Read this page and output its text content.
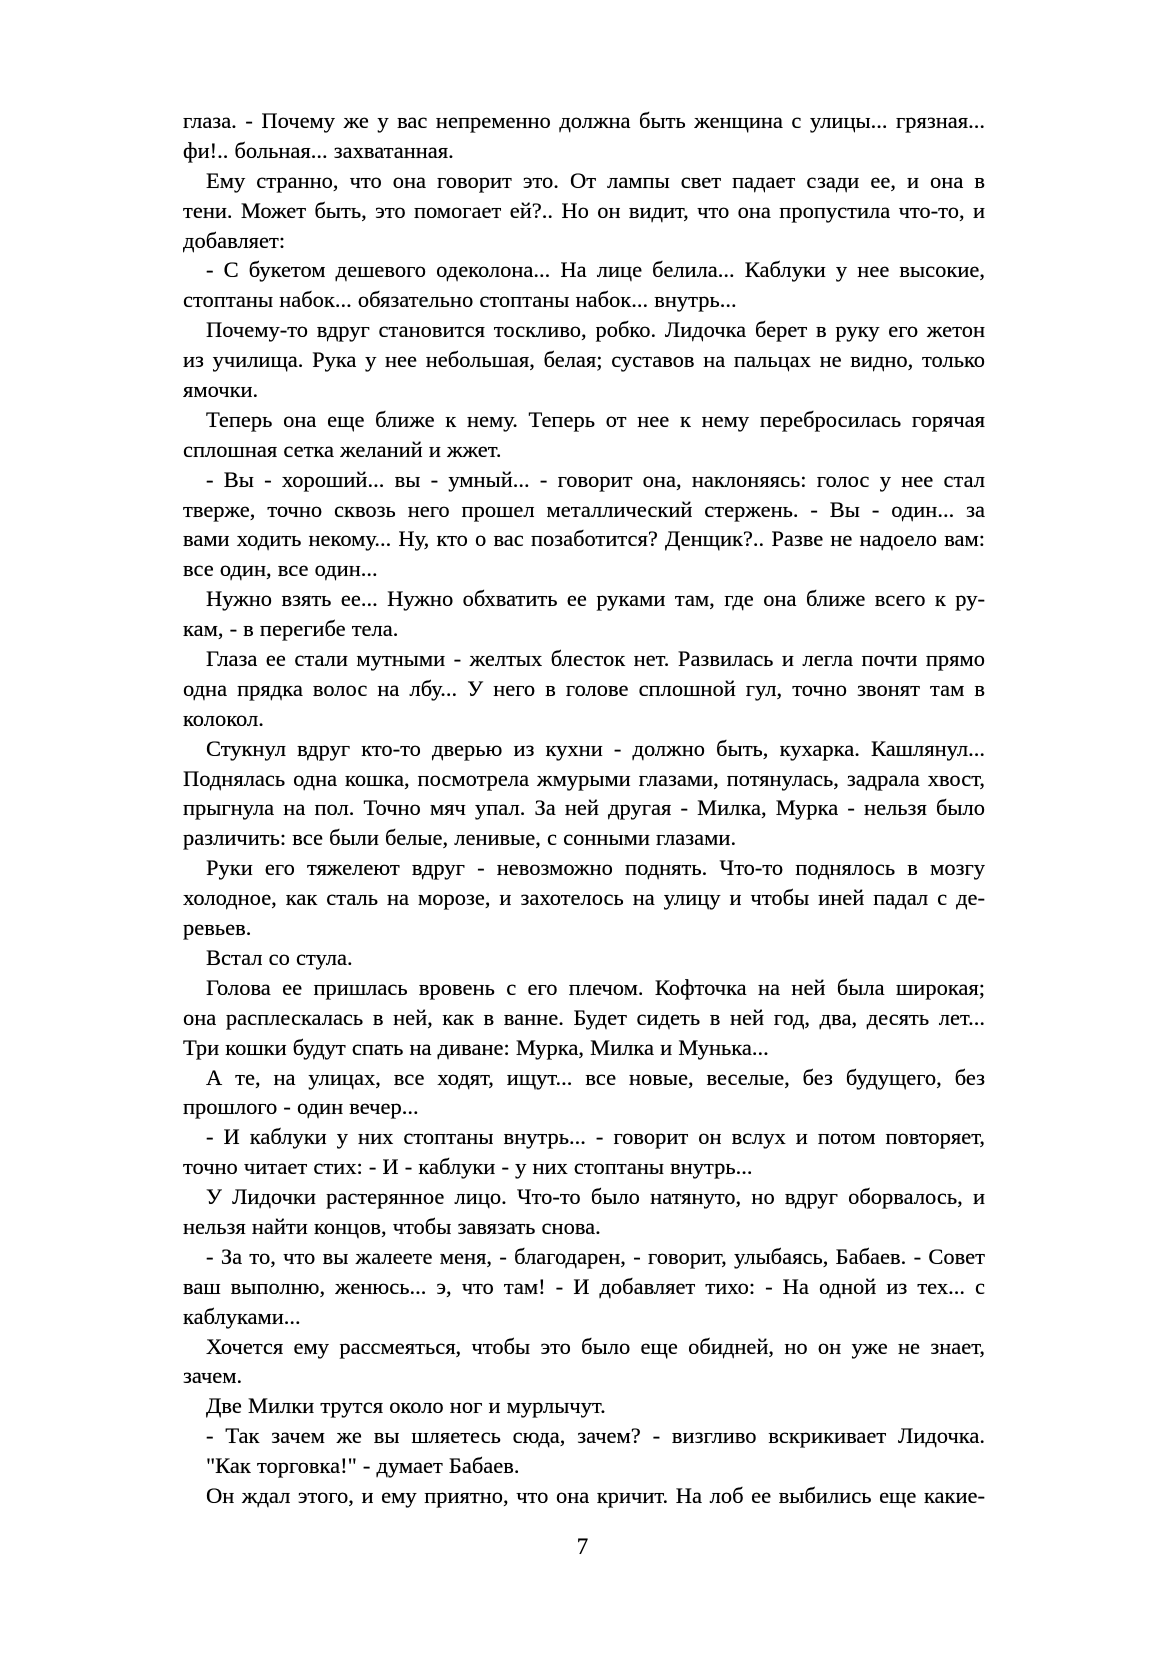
глаза. - Почему же у вас непременно должна быть женщина с улицы... грязная...
фи!.. больная... захватанная.
Ему странно, что она говорит это. От лампы свет падает сзади ее, и она в
тени. Может быть, это помогает ей?.. Но он видит, что она пропустила что-то, и
добавляет:
- С букетом дешевого одеколона... На лице белила... Каблуки у нее высокие,
стоптаны набок... обязательно стоптаны набок... внутрь...
Почему-то вдруг становится тоскливо, робко. Лидочка берет в руку его жетон
из училища. Рука у нее небольшая, белая; суставов на пальцах не видно, только
ямочки.
Теперь она еще ближе к нему. Теперь от нее к нему перебросилась горячая
сплошная сетка желаний и жжет.
- Вы - хороший... вы - умный... - говорит она, наклоняясь: голос у нее стал
тверже, точно сквозь него прошел металлический стержень. - Вы - один... за
вами ходить некому... Ну, кто о вас позаботится? Денщик?.. Разве не надоело вам:
все один, все один...
Нужно взять ее... Нужно обхватить ее руками там, где она ближе всего к ру-
кам, - в перегибе тела.
Глаза ее стали мутными - желтых блесток нет. Развилась и легла почти прямо
одна прядка волос на лбу... У него в голове сплошной гул, точно звонят там в
колокол.
Стукнул вдруг кто-то дверью из кухни - должно быть, кухарка. Кашлянул...
Поднялась одна кошка, посмотрела жмурыми глазами, потянулась, задрала хвост,
прыгнула на пол. Точно мяч упал. За ней другая - Милка, Мурка - нельзя было
различить: все были белые, ленивые, с сонными глазами.
Руки его тяжелеют вдруг - невозможно поднять. Что-то поднялось в мозгу
холодное, как сталь на морозе, и захотелось на улицу и чтобы иней падал с де-
ревьев.
Встал со стула.
Голова ее пришлась вровень с его плечом. Кофточка на ней была широкая;
она расплескалась в ней, как в ванне. Будет сидеть в ней год, два, десять лет...
Три кошки будут спать на диване: Мурка, Милка и Мунька...
А те, на улицах, все ходят, ищут... все новые, веселые, без будущего, без
прошлого - один вечер...
- И каблуки у них стоптаны внутрь... - говорит он вслух и потом повторяет,
точно читает стих: - И - каблуки - у них стоптаны внутрь...
У Лидочки растерянное лицо. Что-то было натянуто, но вдруг оборвалось, и
нельзя найти концов, чтобы завязать снова.
- За то, что вы жалеете меня, - благодарен, - говорит, улыбаясь, Бабаев. - Совет
ваш выполню, женюсь... э, что там! - И добавляет тихо: - На одной из тех... с
каблуками...
Хочется ему рассмеяться, чтобы это было еще обидней, но он уже не знает,
зачем.
Две Милки трутся около ног и мурлычут.
- Так зачем же вы шляетесь сюда, зачем? - визгливо вскрикивает Лидочка.
"Как торговка!" - думает Бабаев.
Он ждал этого, и ему приятно, что она кричит. На лоб ее выбились еще какие-
7
